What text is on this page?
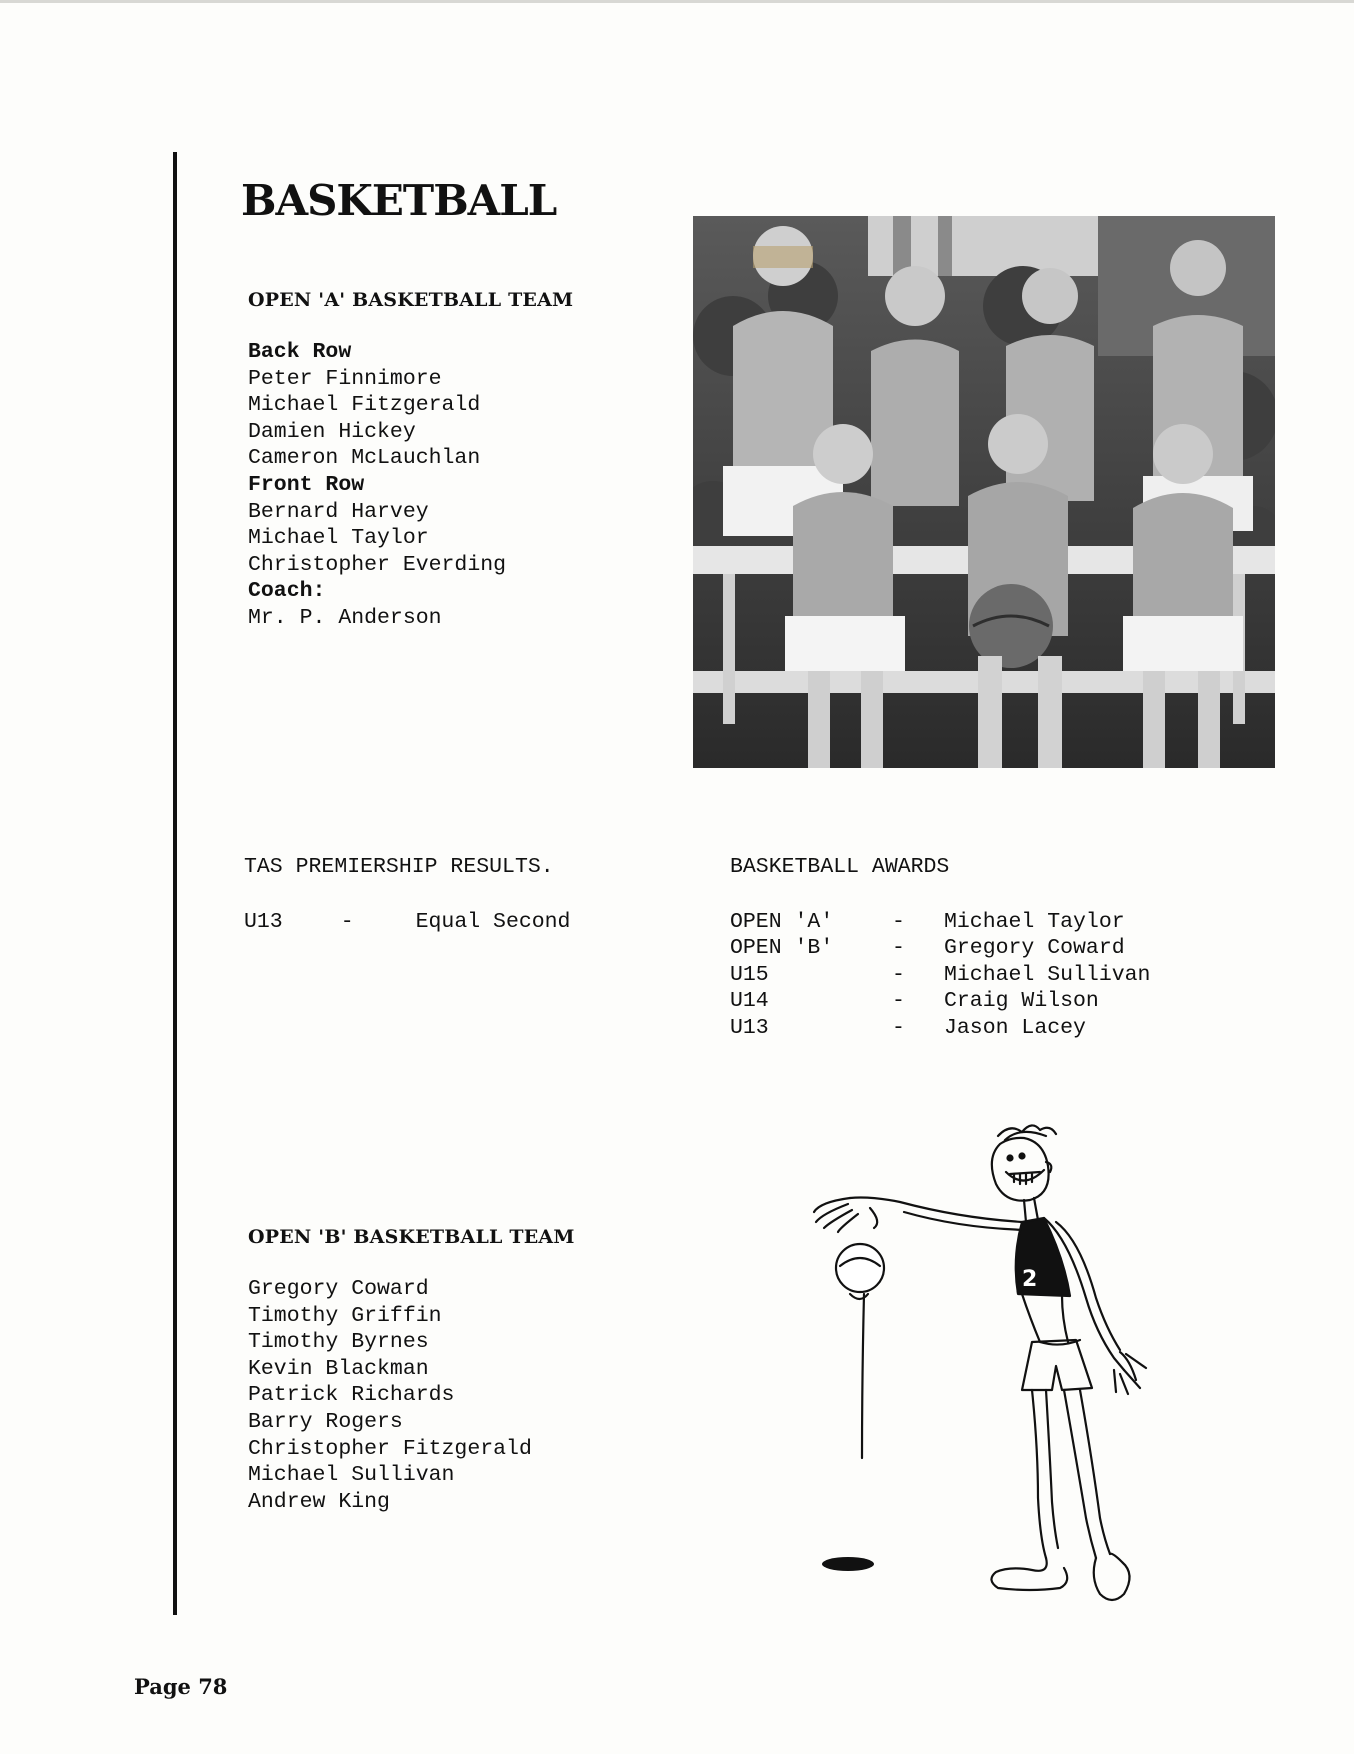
BASKETBALL
OPEN 'A' BASKETBALL TEAM
Back Row
Peter Finnimore
Michael Fitzgerald
Damien Hickey
Cameron McLauchlan
Front Row
Bernard Harvey
Michael Taylor
Christopher Everding
Coach:
Mr. P. Anderson
TAS PREMIERSHIP RESULTS.
U13	-	Equal Second
BASKETBALL AWARDS
OPEN 'A'	-	Michael Taylor
OPEN 'B'	-	Gregory Coward
U15	-	Michael Sullivan
U14	-	Craig Wilson
U13	-	Jason Lacey
OPEN 'B' BASKETBALL TEAM
Gregory Coward
Timothy Griffin
Timothy Byrnes
Kevin Blackman
Patrick Richards
Barry Rogers
Christopher Fitzgerald
Michael Sullivan
Andrew King
2
Page 78
